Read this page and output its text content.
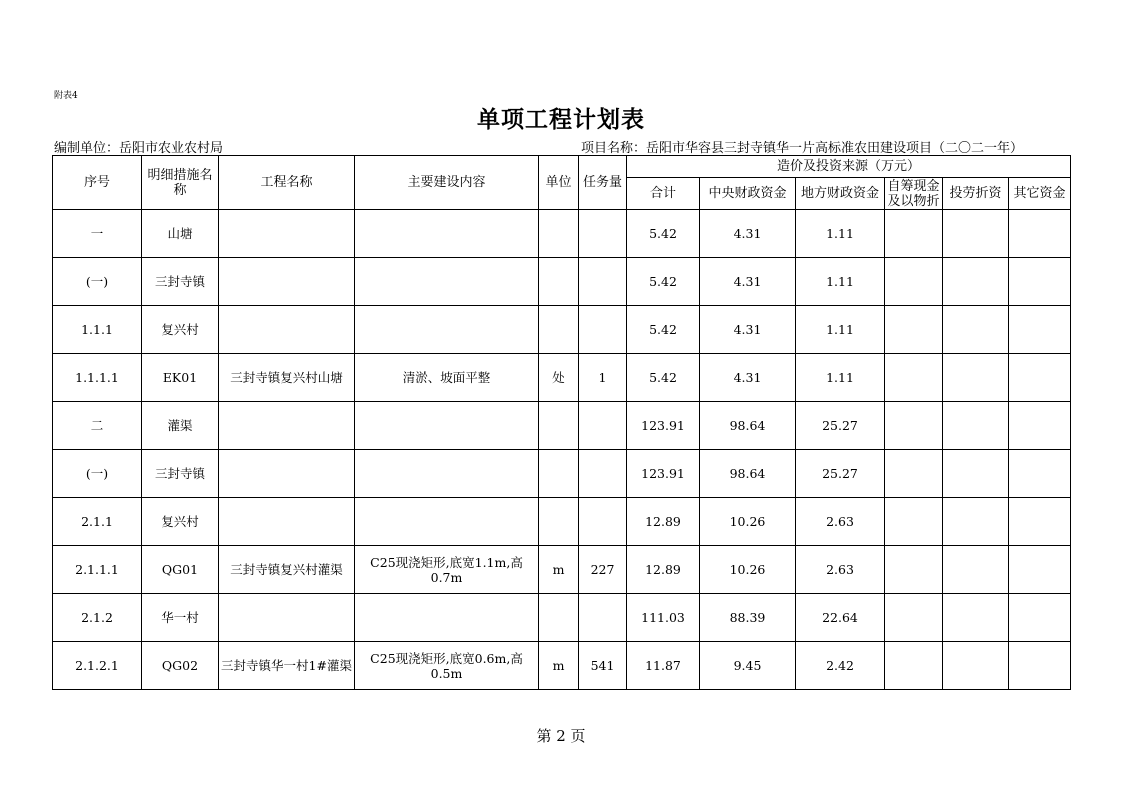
附表4
单项工程计划表
编制单位：岳阳市农业农村局	项目名称：岳阳市华容县三封寺镇华一片高标准农田建设项目（二〇二一年）
序号	明细措施名称	工程名称	主要建设内容	单位	任务量	造价及投资来源（万元）					
						合计	中央财政资金	地方财政资金	自筹现金及以物折	投劳折资	其它资金
一	山塘					5.42	4.31	1.11			
(一)	三封寺镇					5.42	4.31	1.11			
1.1.1	复兴村					5.42	4.31	1.11			
1.1.1.1	EK01	三封寺镇复兴村山塘	清淤、坡面平整	处	1	5.42	4.31	1.11			
二	灌渠					123.91	98.64	25.27			
(一)	三封寺镇					123.91	98.64	25.27			
2.1.1	复兴村					12.89	10.26	2.63			
2.1.1.1	QG01	三封寺镇复兴村灌渠	C25现浇矩形,底宽1.1m,高0.7m	m	227	12.89	10.26	2.63			
2.1.2	华一村					111.03	88.39	22.64			
2.1.2.1	QG02	三封寺镇华一村1#灌渠	C25现浇矩形,底宽0.6m,高0.5m	m	541	11.87	9.45	2.42			
第 2 页
